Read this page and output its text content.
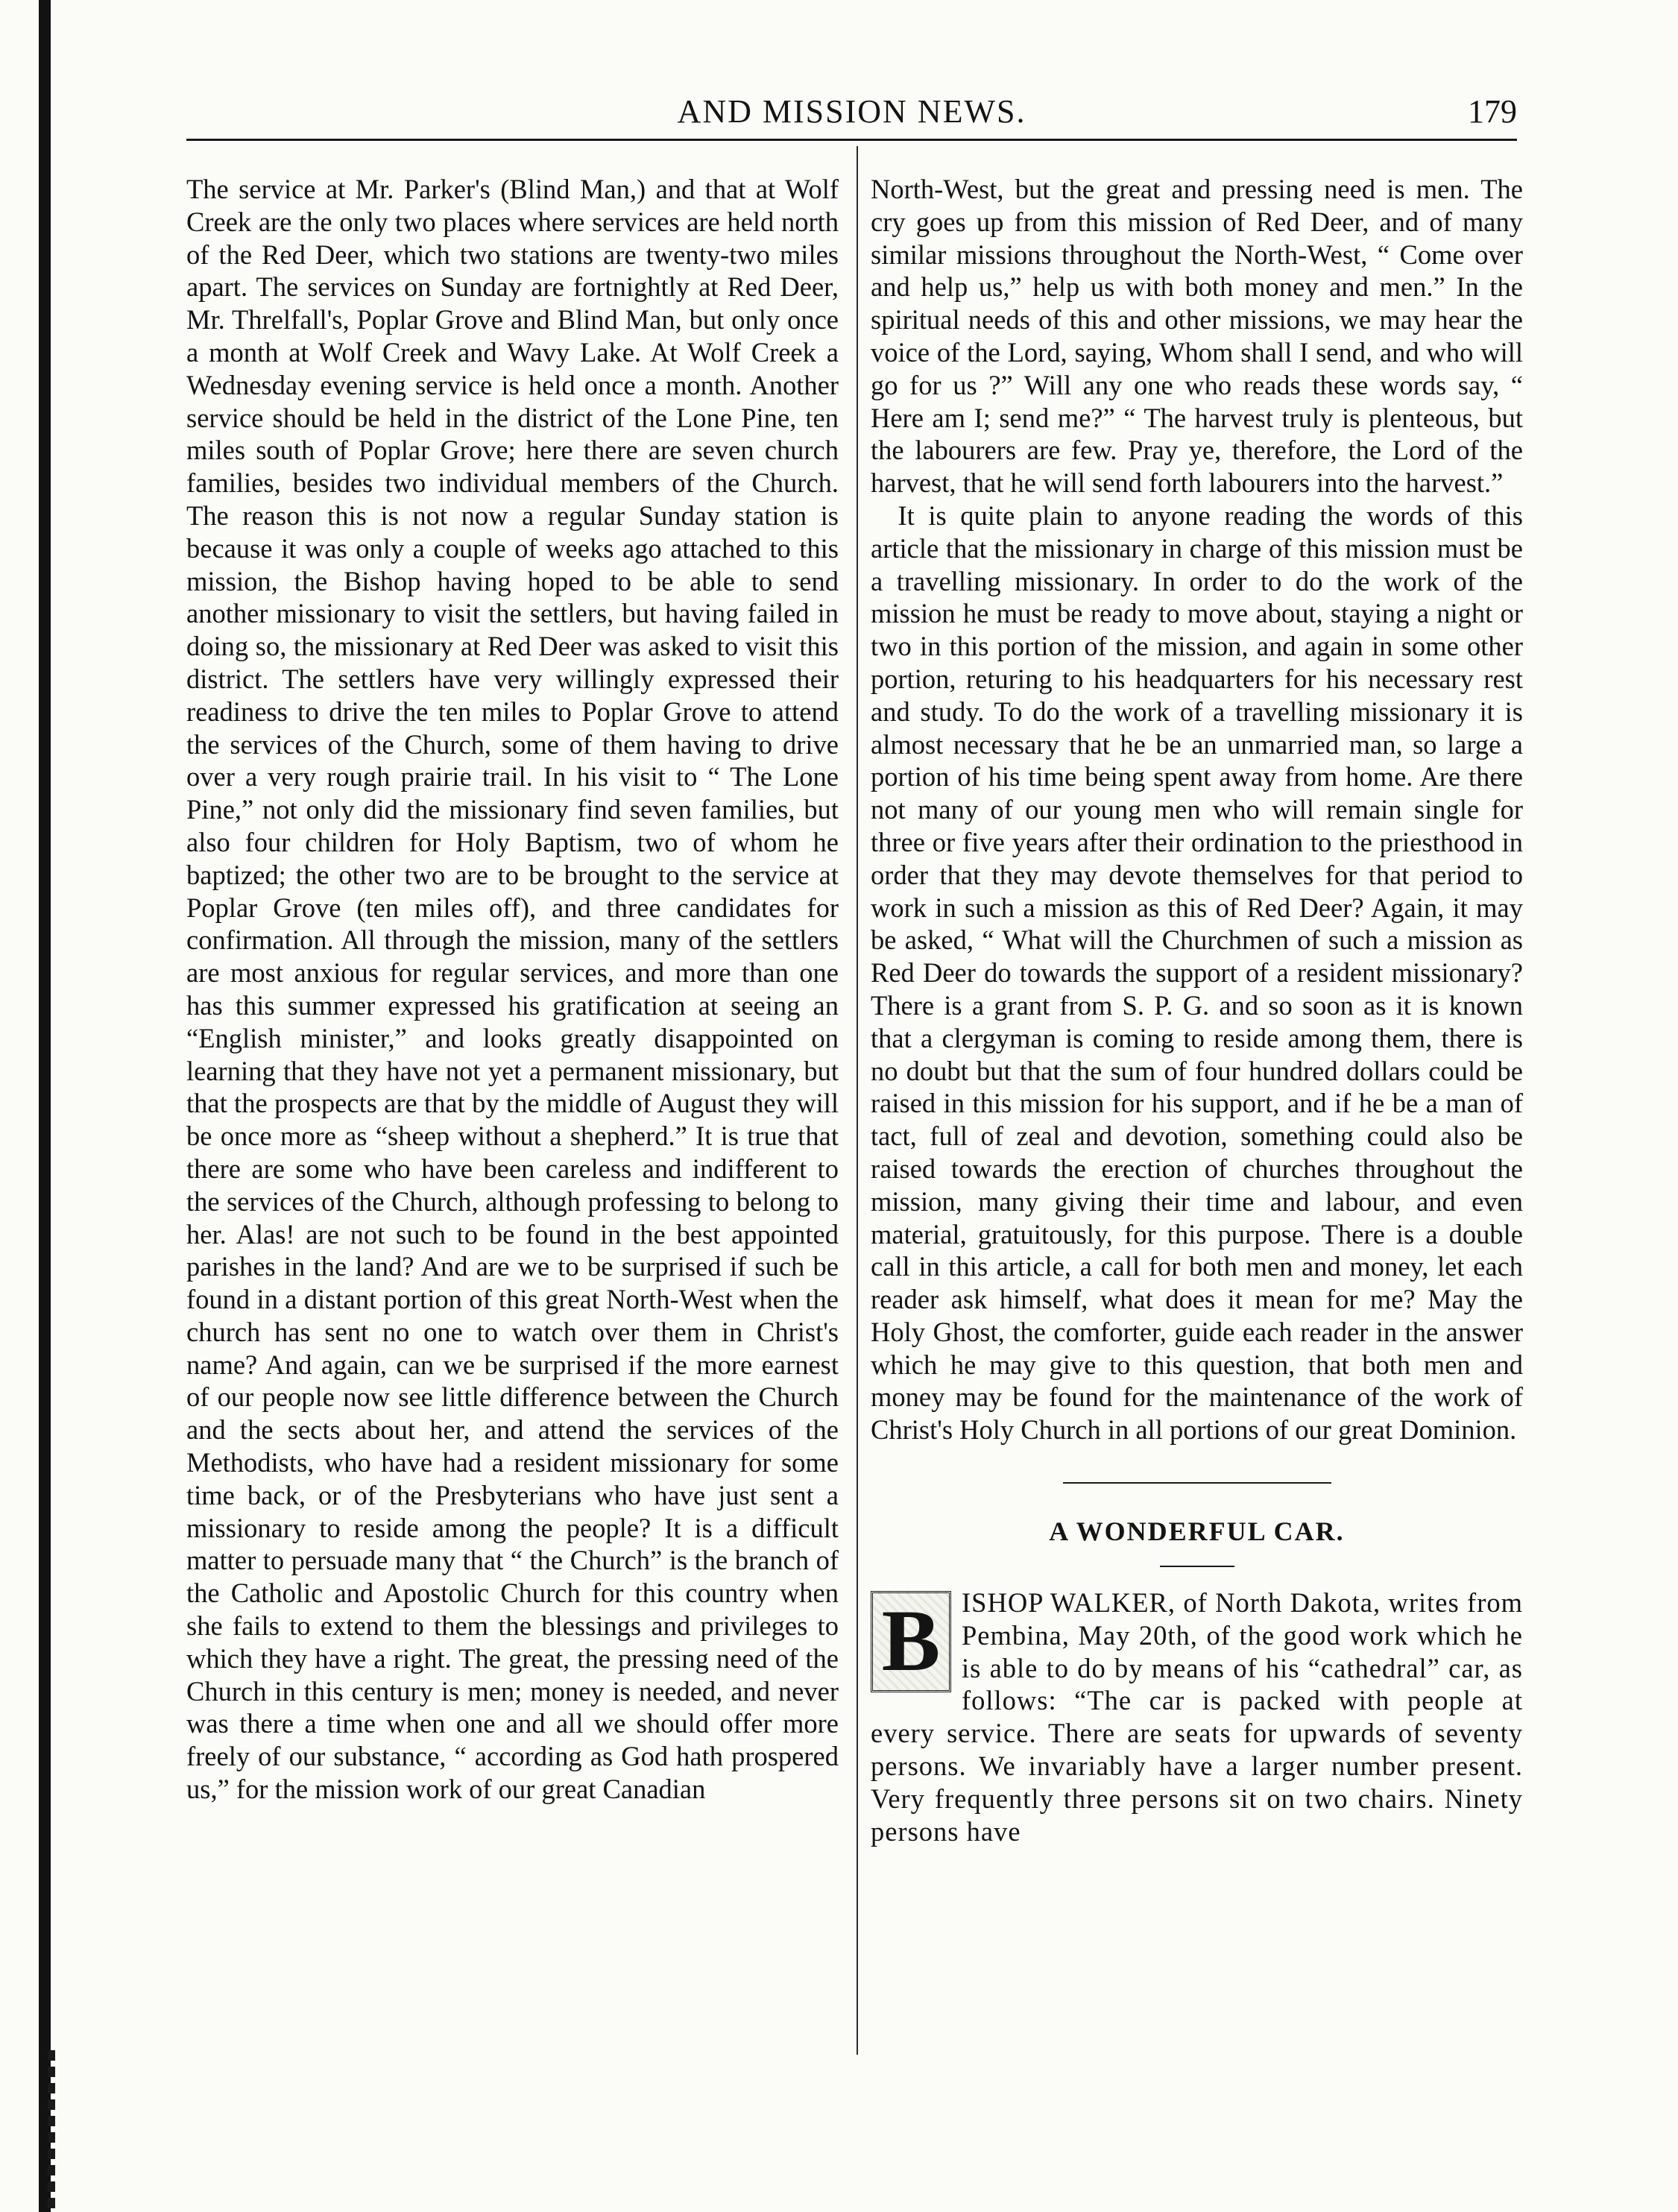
AND MISSION NEWS.	179

The service at Mr. Parker's (Blind Man,) and that at Wolf Creek are the only two places where services are held north of the Red Deer, which two stations are twenty-two miles apart. The services on Sunday are fortnightly at Red Deer, Mr. Threlfall's, Poplar Grove and Blind Man, but only once a month at Wolf Creek and Wavy Lake. At Wolf Creek a Wednesday evening service is held once a month. Another service should be held in the district of the Lone Pine, ten miles south of Poplar Grove; here there are seven church families, besides two individual members of the Church. The reason this is not now a regular Sunday station is because it was only a couple of weeks ago attached to this mission, the Bishop having hoped to be able to send another missionary to visit the settlers, but having failed in doing so, the missionary at Red Deer was asked to visit this district. The settlers have very willingly expressed their readiness to drive the ten miles to Poplar Grove to attend the services of the Church, some of them having to drive over a very rough prairie trail. In his visit to “ The Lone Pine,” not only did the missionary find seven families, but also four children for Holy Baptism, two of whom he baptized; the other two are to be brought to the service at Poplar Grove (ten miles off), and three candidates for confirmation. All through the mission, many of the settlers are most anxious for regular services, and more than one has this summer expressed his gratification at seeing an “English minister,” and looks greatly disappointed on learning that they have not yet a permanent missionary, but that the prospects are that by the middle of August they will be once more as “sheep without a shepherd.” It is true that there are some who have been careless and indifferent to the services of the Church, although professing to belong to her. Alas! are not such to be found in the best appointed parishes in the land? And are we to be surprised if such be found in a distant portion of this great North-West when the church has sent no one to watch over them in Christ's name? And again, can we be surprised if the more earnest of our people now see little difference between the Church and the sects about her, and attend the services of the Methodists, who have had a resident missionary for some time back, or of the Presbyterians who have just sent a missionary to reside among the people? It is a difficult matter to persuade many that “ the Church” is the branch of the Catholic and Apostolic Church for this country when she fails to extend to them the blessings and privileges to which they have a right. The great, the pressing need of the Church in this century is men; money is needed, and never was there a time when one and all we should offer more freely of our substance, “ according as God hath prospered us,” for the mission work of our great Canadian

North-West, but the great and pressing need is men. The cry goes up from this mission of Red Deer, and of many similar missions throughout the North-West, “ Come over and help us,” help us with both money and men.” In the spiritual needs of this and other missions, we may hear the voice of the Lord, saying, Whom shall I send, and who will go for us ?” Will any one who reads these words say, “ Here am I; send me?” “ The harvest truly is plenteous, but the labourers are few. Pray ye, therefore, the Lord of the harvest, that he will send forth labourers into the harvest.”

It is quite plain to anyone reading the words of this article that the missionary in charge of this mission must be a travelling missionary. In order to do the work of the mission he must be ready to move about, staying a night or two in this portion of the mission, and again in some other portion, returing to his headquarters for his necessary rest and study. To do the work of a travelling missionary it is almost necessary that he be an unmarried man, so large a portion of his time being spent away from home. Are there not many of our young men who will remain single for three or five years after their ordination to the priesthood in order that they may devote themselves for that period to work in such a mission as this of Red Deer? Again, it may be asked, “ What will the Churchmen of such a mission as Red Deer do towards the support of a resident missionary? There is a grant from S. P. G. and so soon as it is known that a clergyman is coming to reside among them, there is no doubt but that the sum of four hundred dollars could be raised in this mission for his support, and if he be a man of tact, full of zeal and devotion, something could also be raised towards the erection of churches throughout the mission, many giving their time and labour, and even material, gratuitously, for this purpose. There is a double call in this article, a call for both men and money, let each reader ask himself, what does it mean for me? May the Holy Ghost, the comforter, guide each reader in the answer which he may give to this question, that both men and money may be found for the maintenance of the work of Christ's Holy Church in all portions of our great Dominion.

A WONDERFUL CAR.

B ISHOP WALKER, of North Dakota, writes from Pembina, May 20th, of the good work which he is able to do by means of his “cathedral” car, as follows: “The car is packed with people at every service. There are seats for upwards of seventy persons. We invariably have a larger number present. Very frequently three persons sit on two chairs. Ninety persons have
